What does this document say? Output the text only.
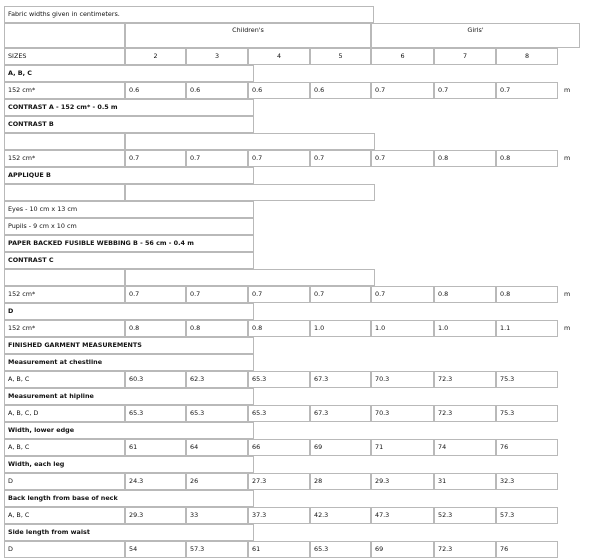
Fabric widths given in centimeters.
Children's	Girls'
SIZES	2	3	4	5	6	7	8
A, B, C
152 cm*	0.6	0.6	0.6	0.6	0.7	0.7	0.7	m
CONTRAST A - 152 cm* - 0.5 m
CONTRAST B
152 cm*	0.7	0.7	0.7	0.7	0.7	0.8	0.8	m
APPLIQUE B
Eyes - 10 cm x 13 cm
Pupils - 9 cm x 10 cm
PAPER BACKED FUSIBLE WEBBING B - 56 cm - 0.4 m
CONTRAST C
152 cm*	0.7	0.7	0.7	0.7	0.7	0.8	0.8	m
D
152 cm*	0.8	0.8	0.8	1.0	1.0	1.0	1.1	m
FINISHED GARMENT MEASUREMENTS
Measurement at chestline
A, B, C	60.3	62.3	65.3	67.3	70.3	72.3	75.3
Measurement at hipline
A, B, C, D	65.3	65.3	65.3	67.3	70.3	72.3	75.3
Width, lower edge
A, B, C	61	64	66	69	71	74	76
Width, each leg
D	24.3	26	27.3	28	29.3	31	32.3
Back length from base of neck
A, B, C	29.3	33	37.3	42.3	47.3	52.3	57.3
Side length from waist
D	54	57.3	61	65.3	69	72.3	76
